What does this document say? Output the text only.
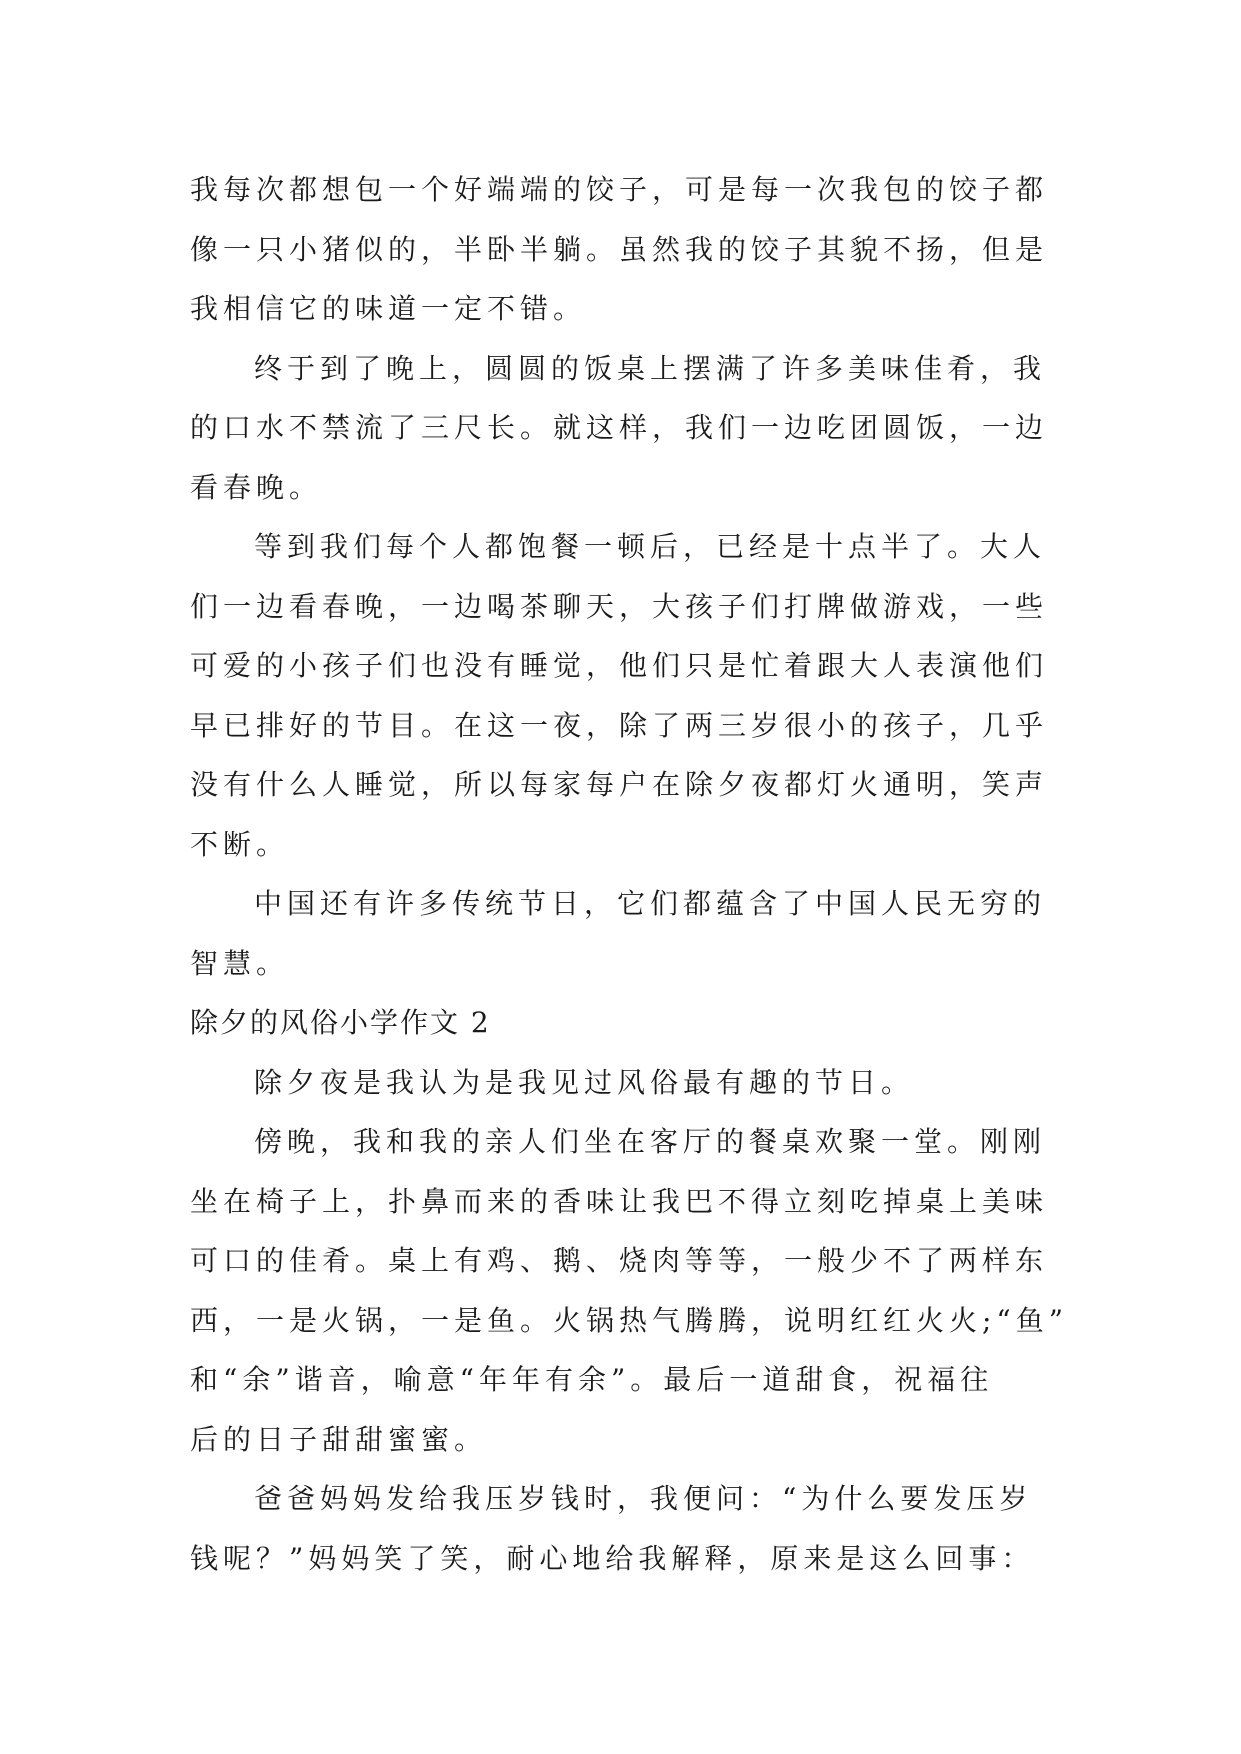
我每次都想包一个好端端的饺子，可是每一次我包的饺子都
像一只小猪似的，半卧半躺。虽然我的饺子其貌不扬，但是
我相信它的味道一定不错。
终于到了晚上，圆圆的饭桌上摆满了许多美味佳肴，我
的口水不禁流了三尺长。就这样，我们一边吃团圆饭，一边
看春晚。
等到我们每个人都饱餐一顿后，已经是十点半了。大人
们一边看春晚，一边喝茶聊天，大孩子们打牌做游戏，一些
可爱的小孩子们也没有睡觉，他们只是忙着跟大人表演他们
早已排好的节目。在这一夜，除了两三岁很小的孩子，几乎
没有什么人睡觉，所以每家每户在除夕夜都灯火通明，笑声
不断。
中国还有许多传统节日，它们都蕴含了中国人民无穷的
智慧。
除夕的风俗小学作文 2
除夕夜是我认为是我见过风俗最有趣的节日。
傍晚，我和我的亲人们坐在客厅的餐桌欢聚一堂。刚刚
坐在椅子上，扑鼻而来的香味让我巴不得立刻吃掉桌上美味
可口的佳肴。桌上有鸡、鹅、烧肉等等，一般少不了两样东
西，一是火锅，一是鱼。火锅热气腾腾，说明红红火火;“鱼”
和“余”谐音，喻意“年年有余”。最后一道甜食，祝福往
后的日子甜甜蜜蜜。
爸爸妈妈发给我压岁钱时，我便问：“为什么要发压岁
钱呢？”妈妈笑了笑，耐心地给我解释，原来是这么回事：
